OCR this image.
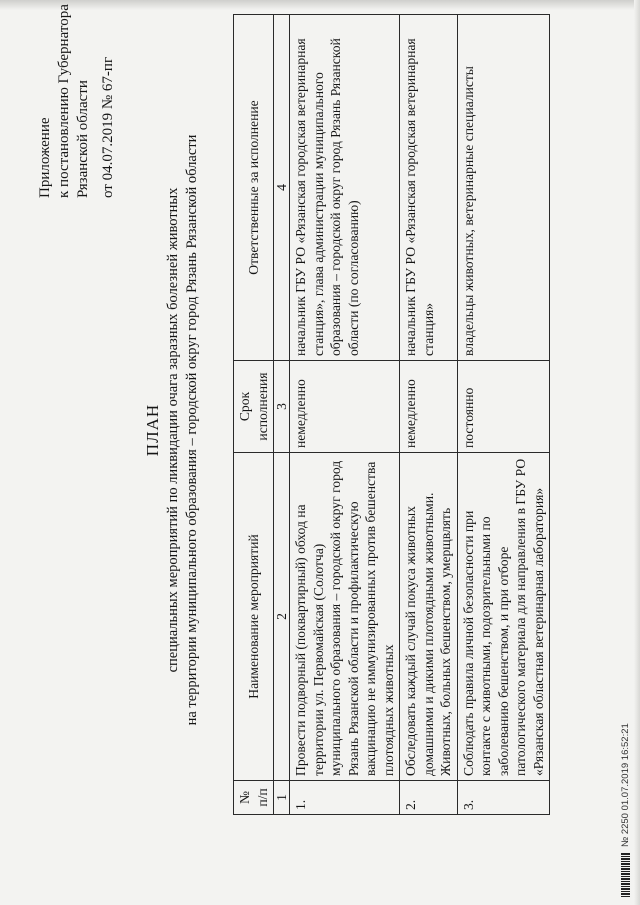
Приложение к постановлению Губернатора Рязанской области от 04.07.2019 № 67-пг
ПЛАН специальных мероприятий по ликвидации очага заразных болезней животных на территории муниципального образования – городской округ город Рязань Рязанской области
№ п/п	Наименование мероприятий	Срок исполнения	Ответственные за исполнение
1	2	3	4
1.	Провести подворный (поквартирный) обход на территории ул. Первомайская (Солотча) муниципального образования – городской округ город Рязань Рязанской области и профилактическую вакцинацию не иммунизированных против бешенства плотоядных животных	немедленно	начальник ГБУ РО «Рязанская городская ветеринарная станция», глава администрации муниципального образования – городской округ город Рязань Рязанской области (по согласованию)
2.	Обследовать каждый случай покуса животных домашними и дикими плотоядными животными. Животных, больных бешенством, умерщвлять	немедленно	начальник ГБУ РО «Рязанская городская ветеринарная станция»
3.	Соблюдать правила личной безопасности при контакте с животными, подозрительными по заболеванию бешенством, и при отборе патологического материала для направления в ГБУ РО «Рязанская областная ветеринарная лаборатория»	постоянно	владельцы животных, ветеринарные специалисты
№ 2250 01.07.2019 16:52:21
